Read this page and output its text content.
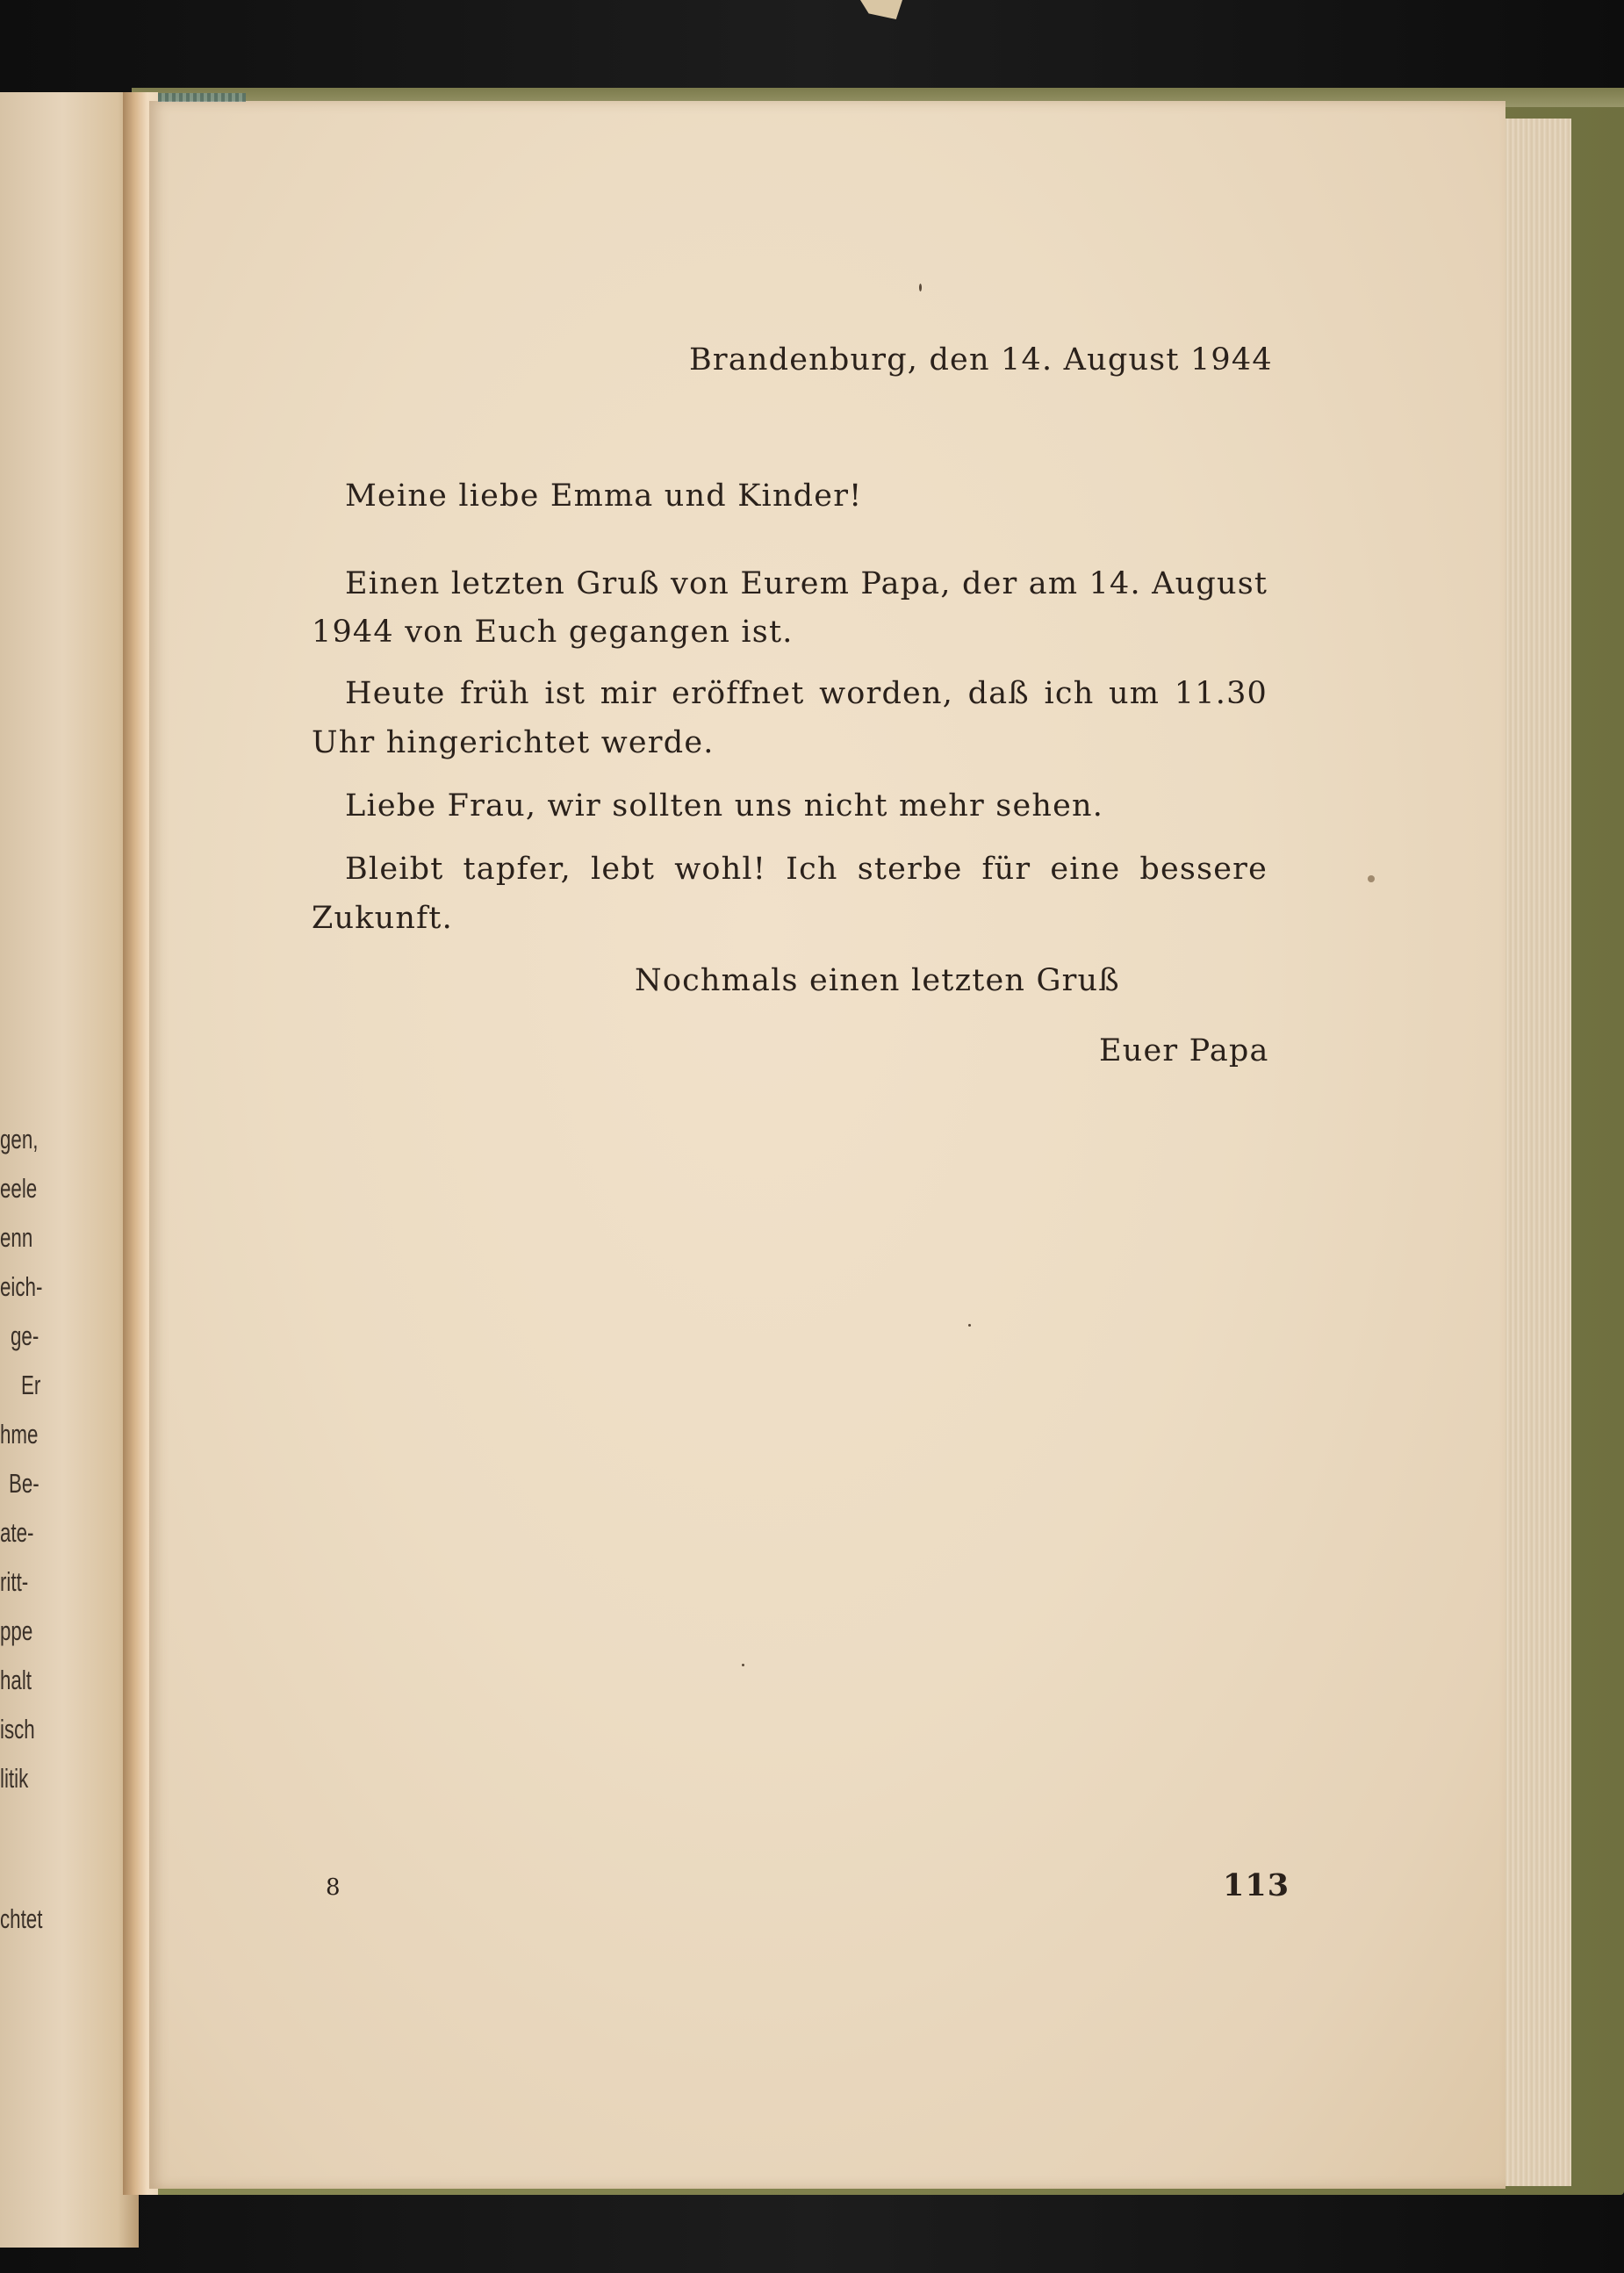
gen,
eele
enn
eich-
ge-
Er
hme
Be-
ate-
ritt-
ppe
halt
isch
litik
chtet
Brandenburg, den 14. August 1944
Meine liebe Emma und Kinder!
Einen letzten Gruß von Eurem Papa, der am 14. August
1944 von Euch gegangen ist.
Heute früh ist mir eröffnet worden, daß ich um 11.30
Uhr hingerichtet werde.
Liebe Frau, wir sollten uns nicht mehr sehen.
Bleibt tapfer, lebt wohl! Ich sterbe für eine bessere
Zukunft.
Nochmals einen letzten Gruß
Euer Papa
8	113
